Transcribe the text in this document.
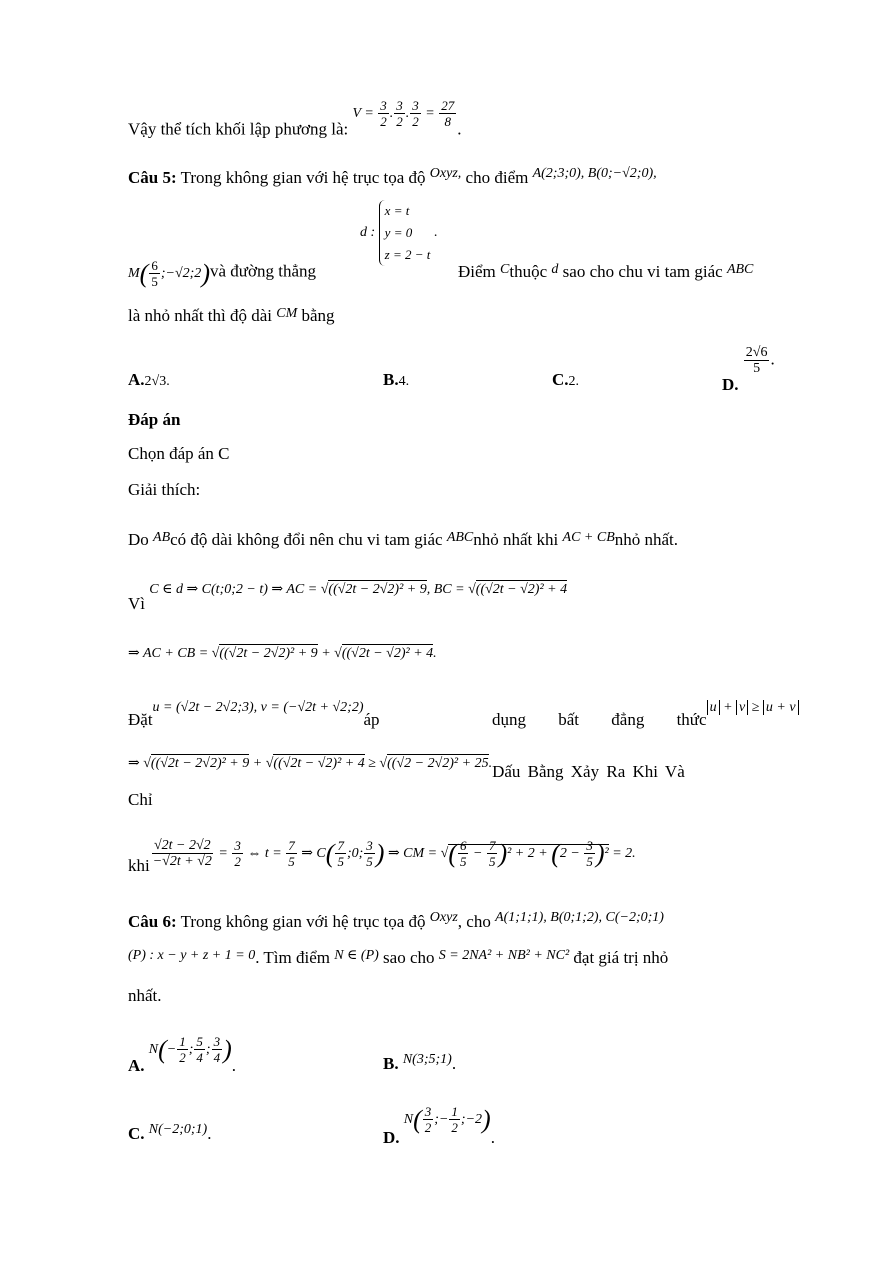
Vậy thể tích khối lập phương là: $^{V = \frac{3}{2} . \frac{3}{2} . \frac{3}{2} = \frac{27}{8}}$
.
Câu 5: Trong không gian với hệ trục tọa độ $^{Oxyz,}$ cho điểm $^{A(2;3;0), B(0;-√2;0),}$
$M( \frac{6}{5}$ ;−√2;2)và đường thẳng
d :
x = t
y = 0
z = 2 − t
.
Điểm $^C$thuộc $^d$ sao cho chu vi tam giác $^{ABC}$
là nhỏ nhất thì độ dài $^{CM}$ bằng
A.2√3.	B.4.	C.2.	D.
$\frac{2√6}{5}$ .
Đáp án
Chọn đáp án C
Giải thích:
Do $^{AB}$có độ dài không đổi nên chu vi tam giác $^{ABC}$nhỏ nhất khi $^{AC + CB}$nhỏ nhất.
Vì C ∈ d ⇒ C(t;0;2 − t) ⇒ AC = √((√2t − 2√2)² + 9, BC = √((√2t − √2)² + 4
⇒ AC + CB = √((√2t − 2√2)² + 9 + √((√2t − √2)² + 4.
Đặtu = (√2t − 2√2;3), v = (−√2t + √2;2)áp	dụng bất đẳng thức$^{u + v \ge u + v}$
⇒ √((√2t − 2√2)² + 9 + √((√2t − √2)² + 4 ≥ √((√2 − 2√2)² + 25.Dấu Bằng Xảy Ra Khi Và
Chỉ
khi $\frac{√2t - 2√2}{-√2t + √2} = \frac{3}{2}$ ⇔ $t = \frac{7}{5}$ ⇒ $C( \frac{7}{5}$ ;0; $\frac{3}{5}$ ) ⇒ CM = √( $\frac{6}{5} - \frac{7}{5} )^2 + 2 + (2 - \frac{3}{5} )^2 = 2$.
Câu 6: Trong không gian với hệ trục tọa độ $^{Oxyz}$, cho $^{A(1;1;1), B(0;1;2), C(-2;0;1)}$
$^{(P) : x - y + z + 1 = 0}$. Tìm điểm $^{N \in (P)}$ sao cho $^{S = 2NA^2 + NB^2 + NC^2}$ đạt giá trị nhỏ
nhất.
A. $N(- \frac{1}{2}$ ; $\frac{5}{4}$ ; $\frac{3}{4}$ ).	B. $^{N(3;5;1)}$.
C. $^{N(-2;0;1)}$.	D. $N( \frac{3}{2}$ ;− $\frac{1}{2}$ ;−2).
